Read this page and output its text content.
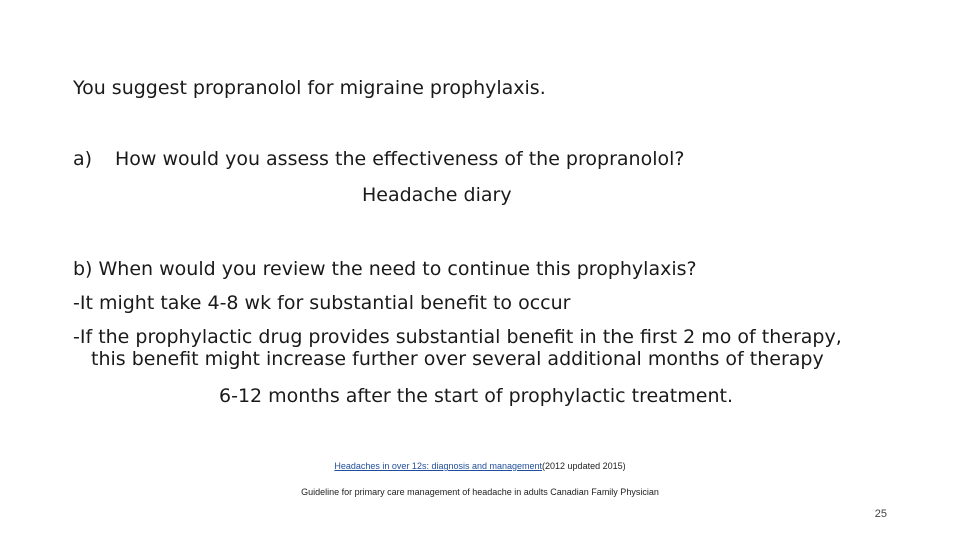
You suggest propranolol for migraine prophylaxis.
a) How would you assess the effectiveness of the propranolol?
Headache diary
b) When would you review the need to continue this prophylaxis?
-It might take 4-8 wk for substantial benefit to occur
-If the prophylactic drug provides substantial benefit in the first 2 mo of therapy,
this benefit might increase further over several additional months of therapy
6-12 months after the start of prophylactic treatment.
Headaches in over 12s: diagnosis and management(2012 updated 2015)
Guideline for primary care management of headache in adults Canadian Family Physician
25
